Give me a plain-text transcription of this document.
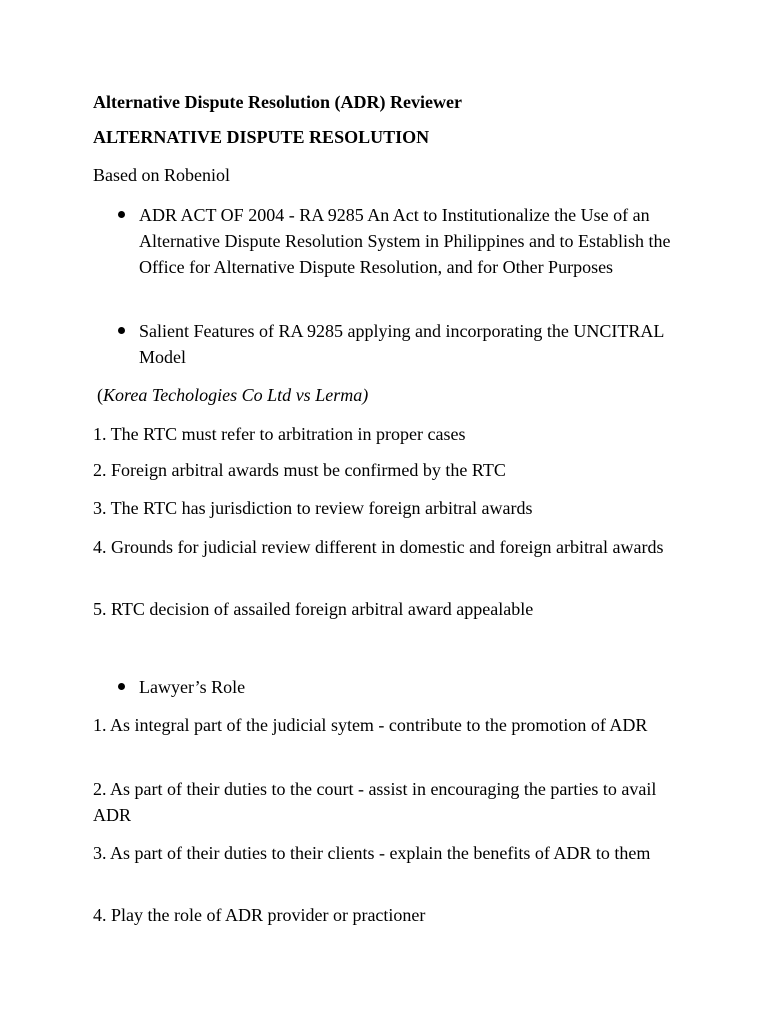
Alternative Dispute Resolution (ADR) Reviewer

ALTERNATIVE DISPUTE RESOLUTION

Based on Robeniol

ADR ACT OF 2004 - RA 9285 An Act to Institutionalize the Use of an Alternative Dispute Resolution System in Philippines and to Establish the Office for Alternative Dispute Resolution, and for Other Purposes

Salient Features of RA 9285 applying and incorporating the UNCITRAL Model

(Korea Techologies Co Ltd vs Lerma)

1. The RTC must refer to arbitration in proper cases

2. Foreign arbitral awards must be confirmed by the RTC

3. The RTC has jurisdiction to review foreign arbitral awards

4. Grounds for judicial review different in domestic and foreign arbitral awards

5. RTC decision of assailed foreign arbitral award appealable

Lawyer’s Role

1. As integral part of the judicial sytem - contribute to the promotion of ADR

2. As part of their duties to the court - assist in encouraging the parties to avail ADR

3. As part of their duties to their clients - explain the benefits of ADR to them

4. Play the role of ADR provider or practioner
